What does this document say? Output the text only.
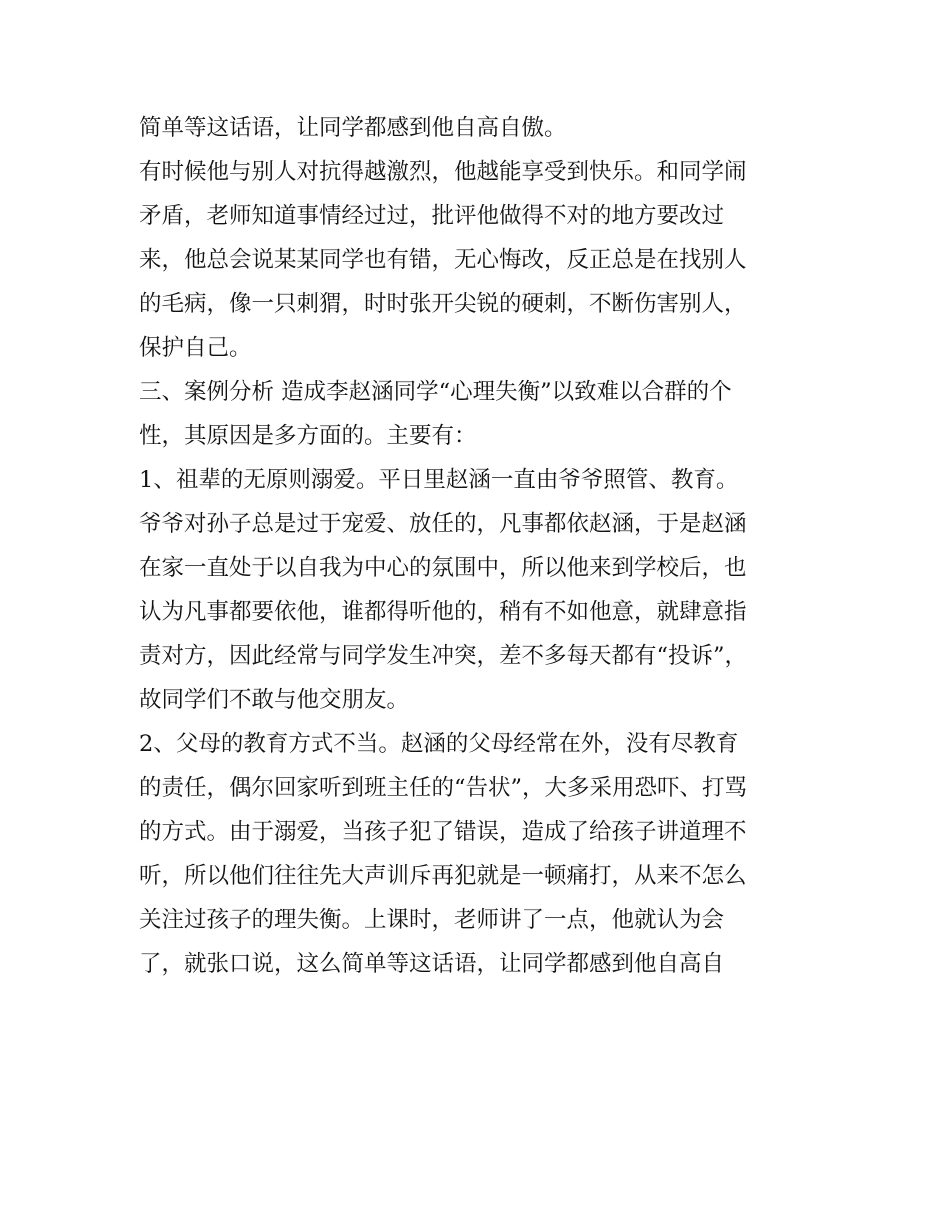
简单等这话语，让同学都感到他自高自傲。
有时候他与别人对抗得越激烈，他越能享受到快乐。和同学闹
矛盾，老师知道事情经过过，批评他做得不对的地方要改过
来，他总会说某某同学也有错，无心悔改，反正总是在找别人
的毛病，像一只刺猬，时时张开尖锐的硬刺，不断伤害别人，
保护自己。
三、案例分析 造成李赵涵同学“心理失衡”以致难以合群的个
性，其原因是多方面的。主要有：
1、祖辈的无原则溺爱。平日里赵涵一直由爷爷照管、教育。
爷爷对孙子总是过于宠爱、放任的，凡事都依赵涵，于是赵涵
在家一直处于以自我为中心的氛围中，所以他来到学校后，也
认为凡事都要依他，谁都得听他的，稍有不如他意，就肆意指
责对方，因此经常与同学发生冲突，差不多每天都有“投诉”，
故同学们不敢与他交朋友。
2、父母的教育方式不当。赵涵的父母经常在外，没有尽教育
的责任，偶尔回家听到班主任的“告状”，大多采用恐吓、打骂
的方式。由于溺爱，当孩子犯了错误，造成了给孩子讲道理不
听，所以他们往往先大声训斥再犯就是一顿痛打，从来不怎么
关注过孩子的理失衡。上课时，老师讲了一点，他就认为会
了，就张口说，这么简单等这话语，让同学都感到他自高自
